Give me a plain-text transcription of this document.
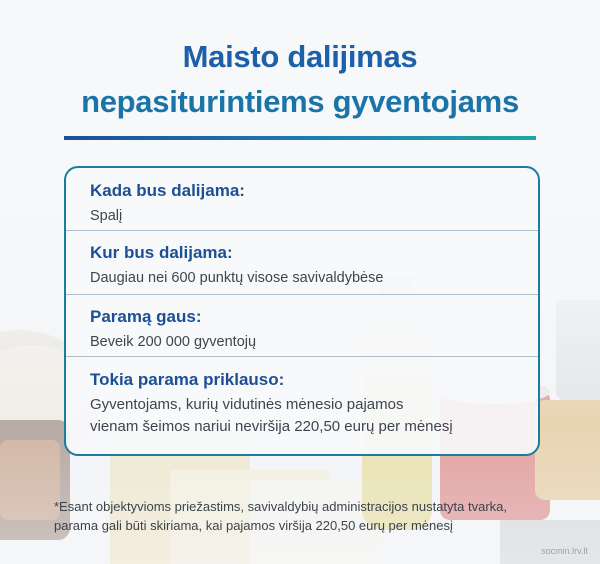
Maisto dalijimas
nepasiturintiems gyventojams
Kada bus dalijama:
Spalį
Kur bus dalijama:
Daugiau nei 600 punktų visose savivaldybėse
Paramą gaus:
Beveik 200 000 gyventojų
Tokia parama priklauso:
Gyventojams, kurių vidutinės mėnesio pajamos
vienam šeimos nariui neviršija 220,50 eurų per mėnesį
*Esant objektyvioms priežastims, savivaldybių administracijos nustatyta tvarka,
parama gali būti skiriama, kai pajamos viršija 220,50 eurų per mėnesį
socmin.lrv.lt
